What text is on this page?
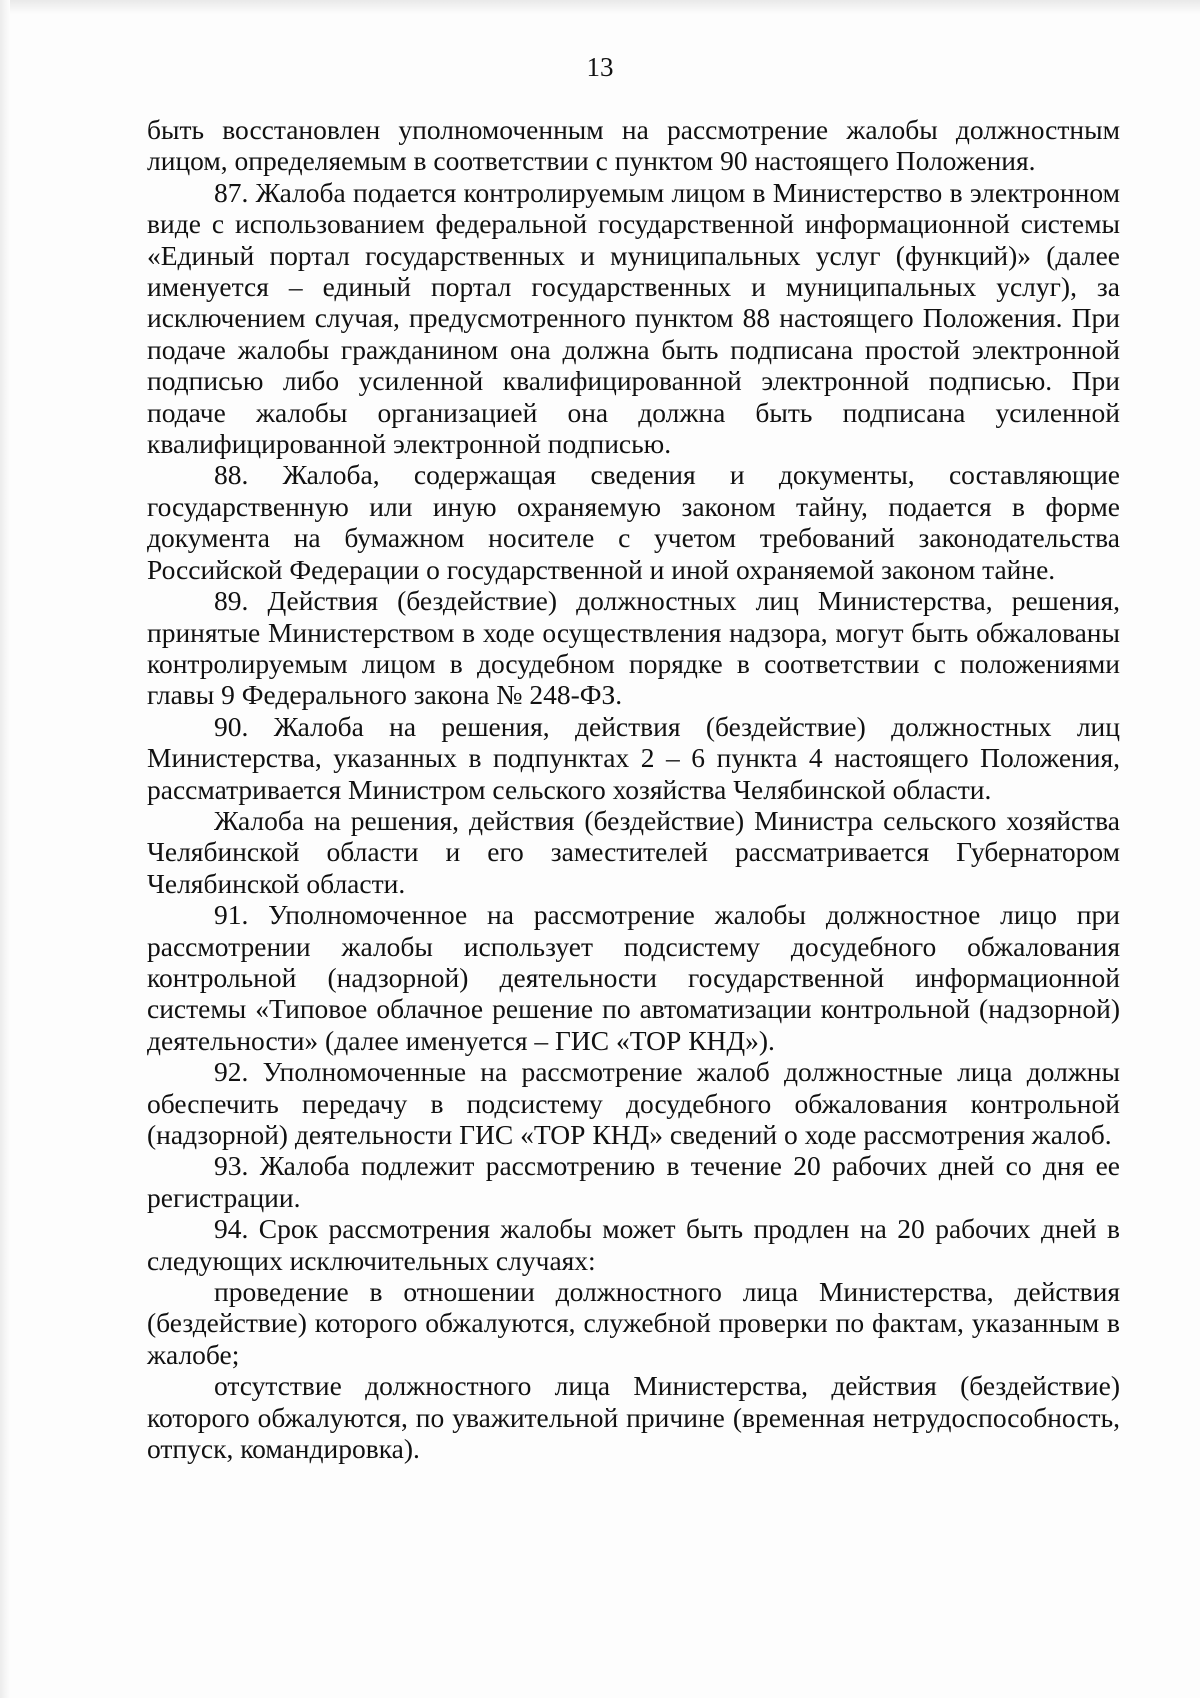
13

быть восстановлен уполномоченным на рассмотрение жалобы должностным лицом, определяемым в соответствии с пунктом 90 настоящего Положения.

87. Жалоба подается контролируемым лицом в Министерство в электронном виде с использованием федеральной государственной информационной системы «Единый портал государственных и муниципальных услуг (функций)» (далее именуется – единый портал государственных и муниципальных услуг), за исключением случая, предусмотренного пунктом 88 настоящего Положения. При подаче жалобы гражданином она должна быть подписана простой электронной подписью либо усиленной квалифицированной электронной подписью. При подаче жалобы организацией она должна быть подписана усиленной квалифицированной электронной подписью.

88. Жалоба, содержащая сведения и документы, составляющие государственную или иную охраняемую законом тайну, подается в форме документа на бумажном носителе с учетом требований законодательства Российской Федерации о государственной и иной охраняемой законом тайне.

89. Действия (бездействие) должностных лиц Министерства, решения, принятые Министерством в ходе осуществления надзора, могут быть обжалованы контролируемым лицом в досудебном порядке в соответствии с положениями главы 9 Федерального закона № 248-ФЗ.

90. Жалоба на решения, действия (бездействие) должностных лиц Министерства, указанных в подпунктах 2 – 6 пункта 4 настоящего Положения, рассматривается Министром сельского хозяйства Челябинской области.

Жалоба на решения, действия (бездействие) Министра сельского хозяйства Челябинской области и его заместителей рассматривается Губернатором Челябинской области.

91. Уполномоченное на рассмотрение жалобы должностное лицо при рассмотрении жалобы использует подсистему досудебного обжалования контрольной (надзорной) деятельности государственной информационной системы «Типовое облачное решение по автоматизации контрольной (надзорной) деятельности» (далее именуется – ГИС «ТОР КНД»).

92. Уполномоченные на рассмотрение жалоб должностные лица должны обеспечить передачу в подсистему досудебного обжалования контрольной (надзорной) деятельности ГИС «ТОР КНД» сведений о ходе рассмотрения жалоб.

93. Жалоба подлежит рассмотрению в течение 20 рабочих дней со дня ее регистрации.

94. Срок рассмотрения жалобы может быть продлен на 20 рабочих дней в следующих исключительных случаях:

проведение в отношении должностного лица Министерства, действия (бездействие) которого обжалуются, служебной проверки по фактам, указанным в жалобе;

отсутствие должностного лица Министерства, действия (бездействие) которого обжалуются, по уважительной причине (временная нетрудоспособность, отпуск, командировка).
